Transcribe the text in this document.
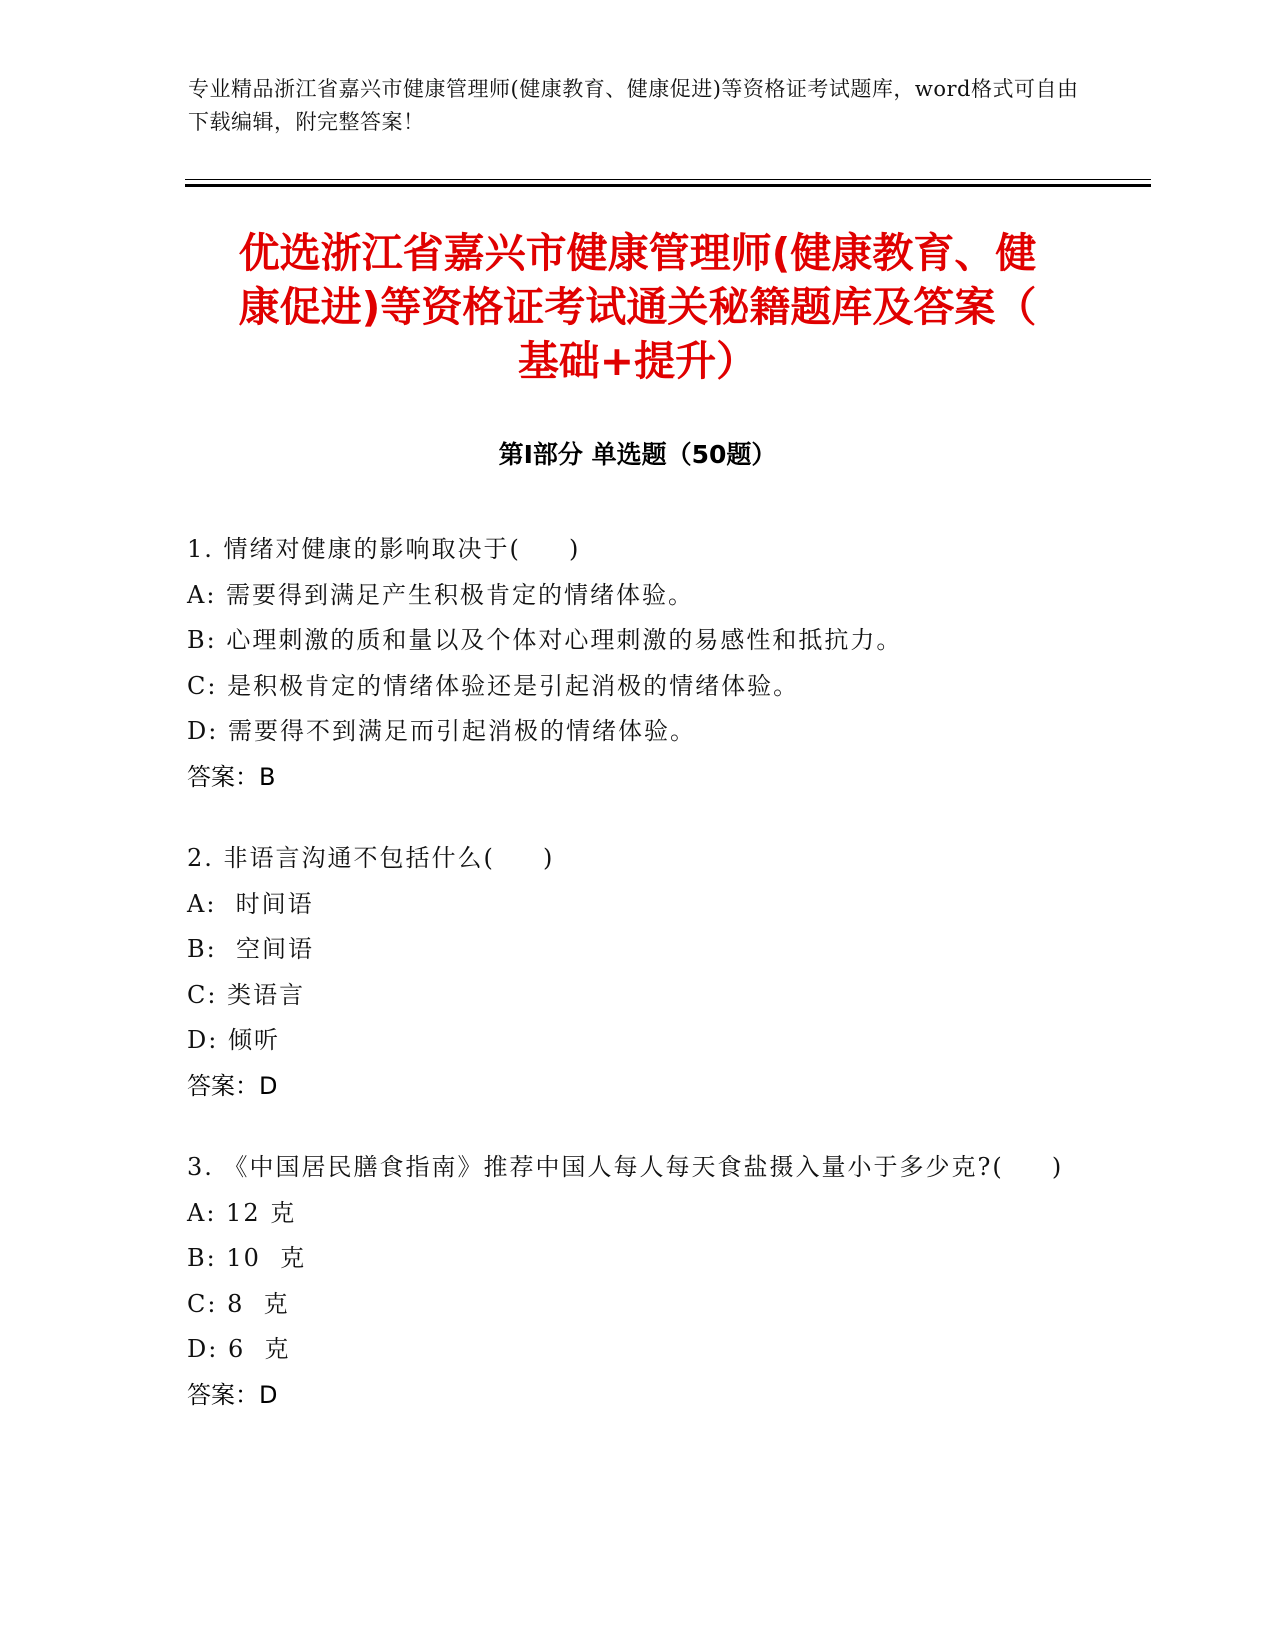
专业精品浙江省嘉兴市健康管理师(健康教育、健康促进)等资格证考试题库，word格式可自由下载编辑，附完整答案！
优选浙江省嘉兴市健康管理师(健康教育、健
康促进)等资格证考试通关秘籍题库及答案（
基础+提升）
第Ⅰ部分 单选题（50题）
1. 情绪对健康的影响取决于(     )
A: 需要得到满足产生积极肯定的情绪体验。
B: 心理刺激的质和量以及个体对心理刺激的易感性和抵抗力。
C: 是积极肯定的情绪体验还是引起消极的情绪体验。
D: 需要得不到满足而引起消极的情绪体验。
答案：B
2. 非语言沟通不包括什么(     )
A:  时间语
B:  空间语
C: 类语言
D: 倾听
答案：D
3. 《中国居民膳食指南》推荐中国人每人每天食盐摄入量小于多少克?(     )
A: 12 克
B: 10  克
C: 8  克
D: 6  克
答案：D
